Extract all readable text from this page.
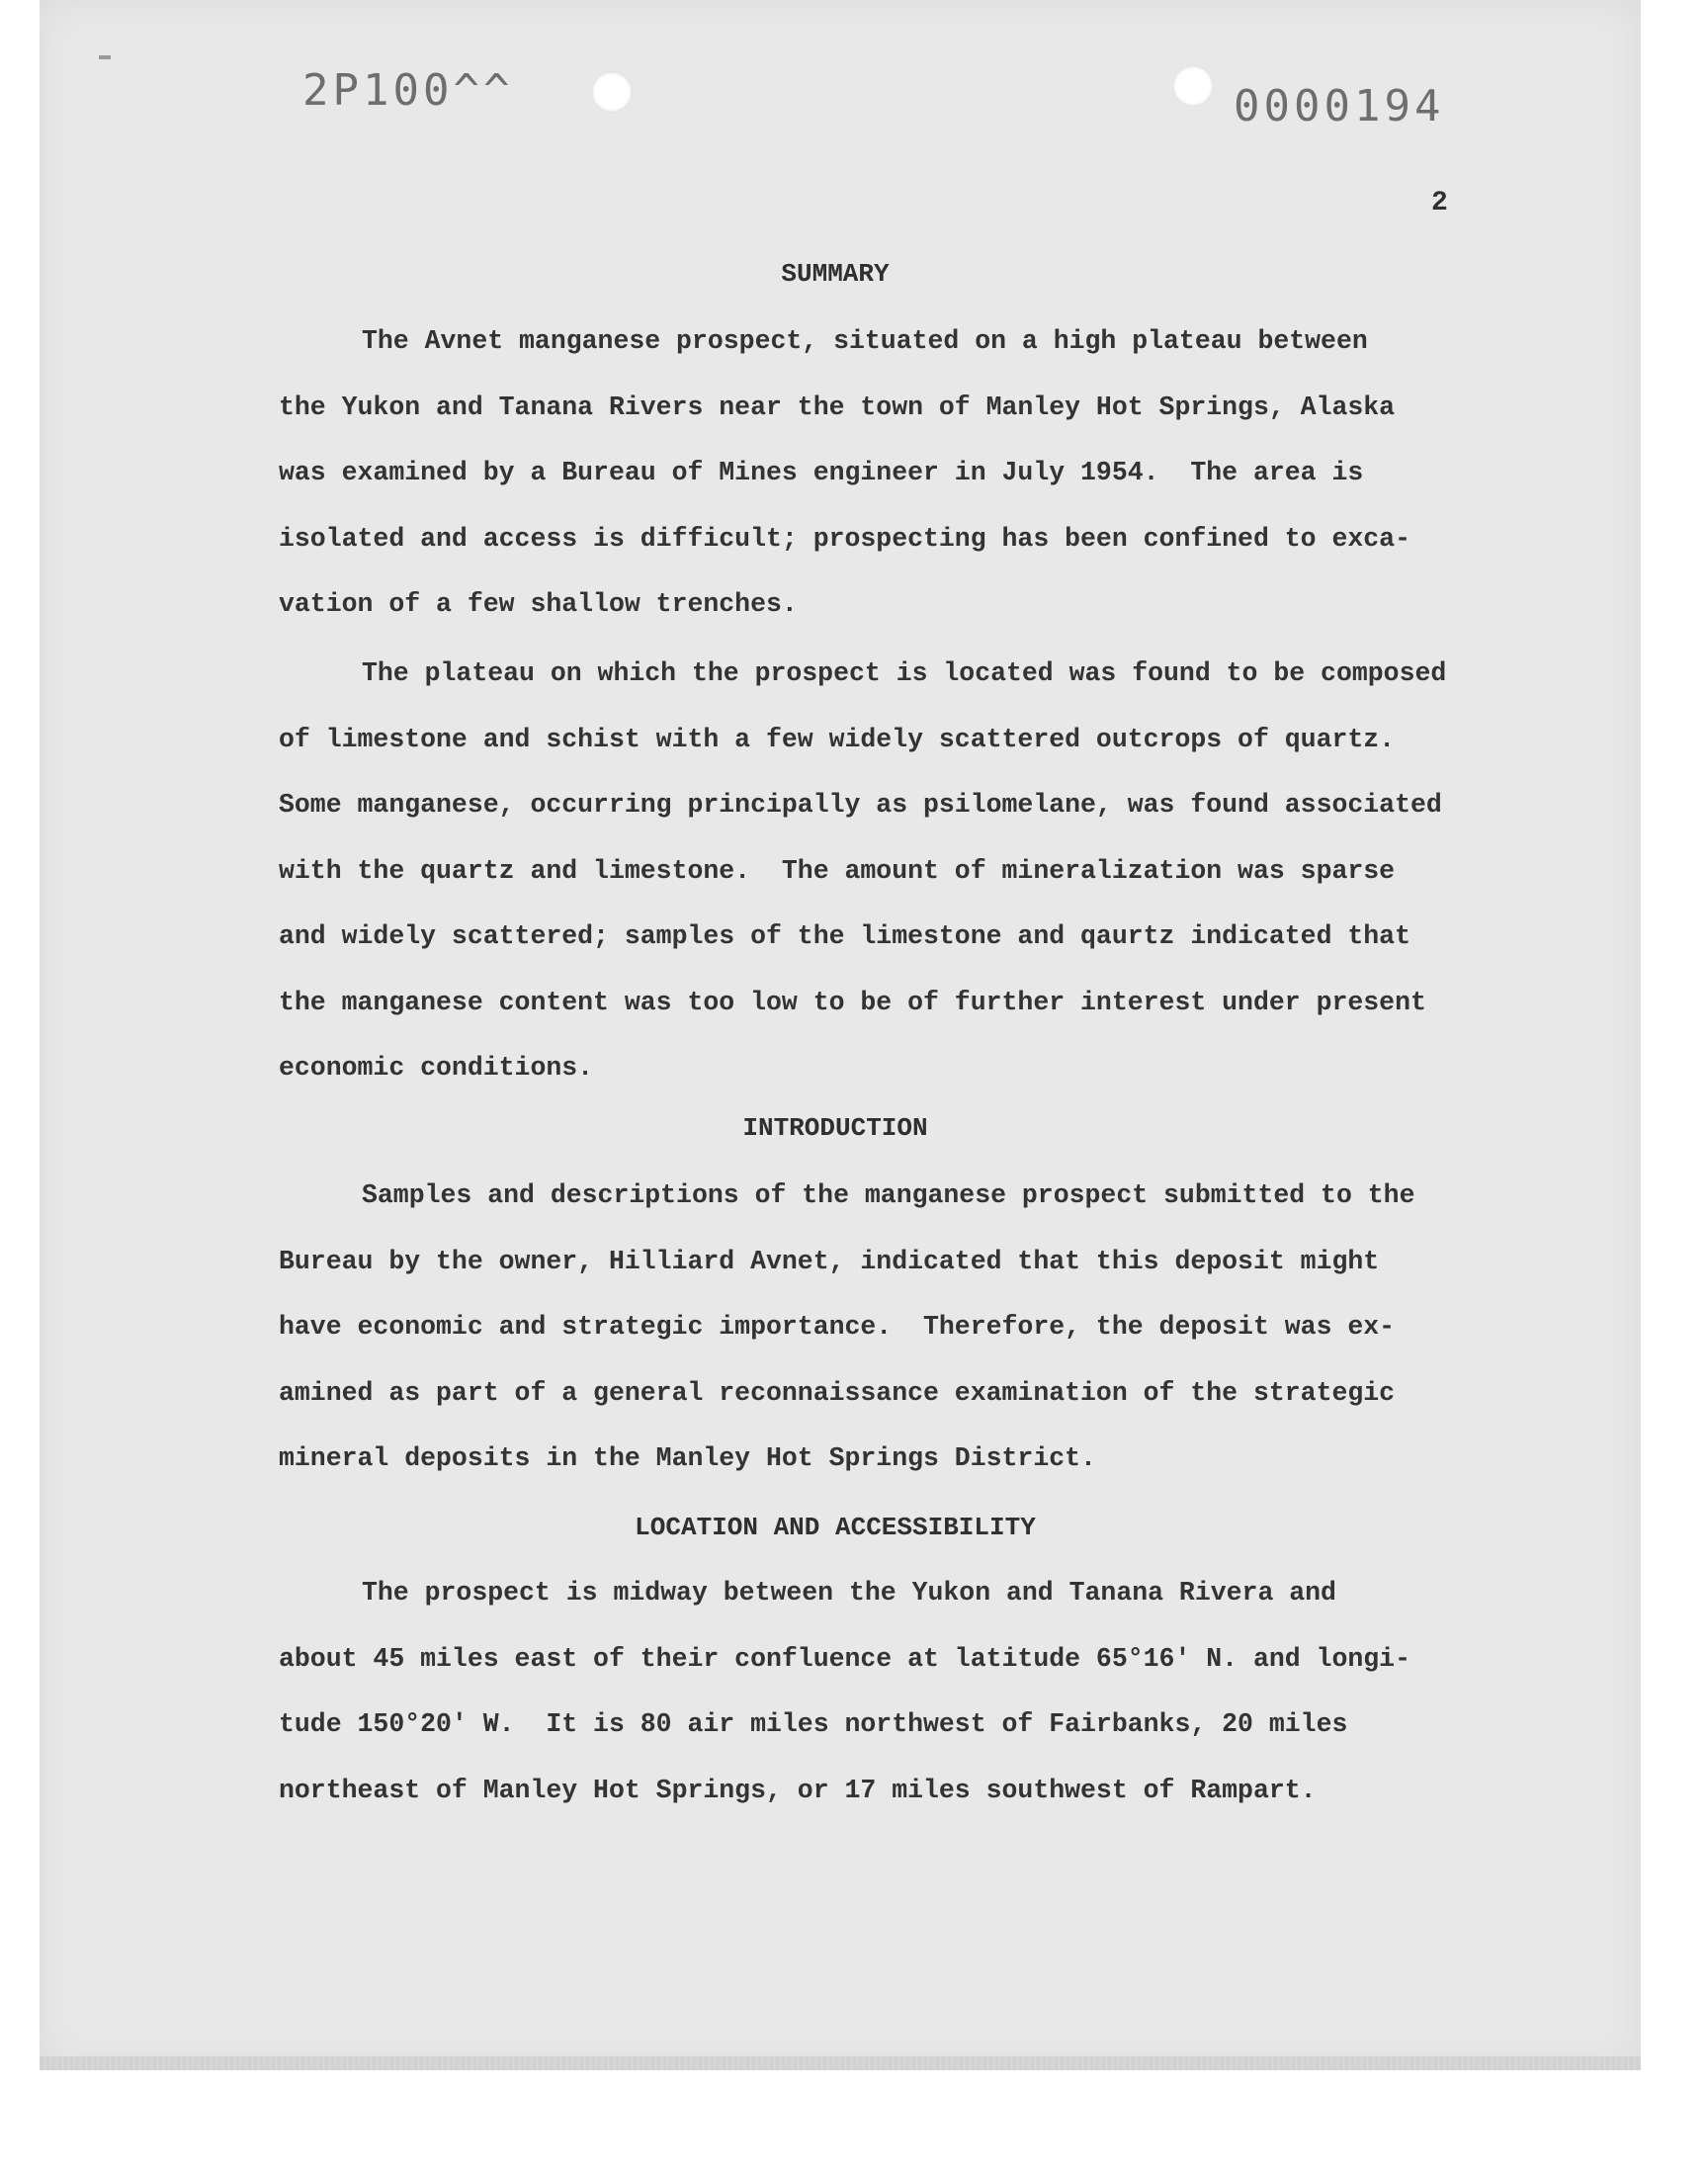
2P100^^	0000194
2
SUMMARY

The Avnet manganese prospect, situated on a high plateau between
the Yukon and Tanana Rivers near the town of Manley Hot Springs, Alaska
was examined by a Bureau of Mines engineer in July 1954.  The area is
isolated and access is difficult; prospecting has been confined to exca-
vation of a few shallow trenches.

The plateau on which the prospect is located was found to be composed
of limestone and schist with a few widely scattered outcrops of quartz.
Some manganese, occurring principally as psilomelane, was found associated
with the quartz and limestone.  The amount of mineralization was sparse
and widely scattered; samples of the limestone and qaurtz indicated that
the manganese content was too low to be of further interest under present
economic conditions.

INTRODUCTION

Samples and descriptions of the manganese prospect submitted to the
Bureau by the owner, Hilliard Avnet, indicated that this deposit might
have economic and strategic importance.  Therefore, the deposit was ex-
amined as part of a general reconnaissance examination of the strategic
mineral deposits in the Manley Hot Springs District.

LOCATION AND ACCESSIBILITY

The prospect is midway between the Yukon and Tanana Rivera and
about 45 miles east of their confluence at latitude 65°16' N. and longi-
tude 150°20' W.  It is 80 air miles northwest of Fairbanks, 20 miles
northeast of Manley Hot Springs, or 17 miles southwest of Rampart.
